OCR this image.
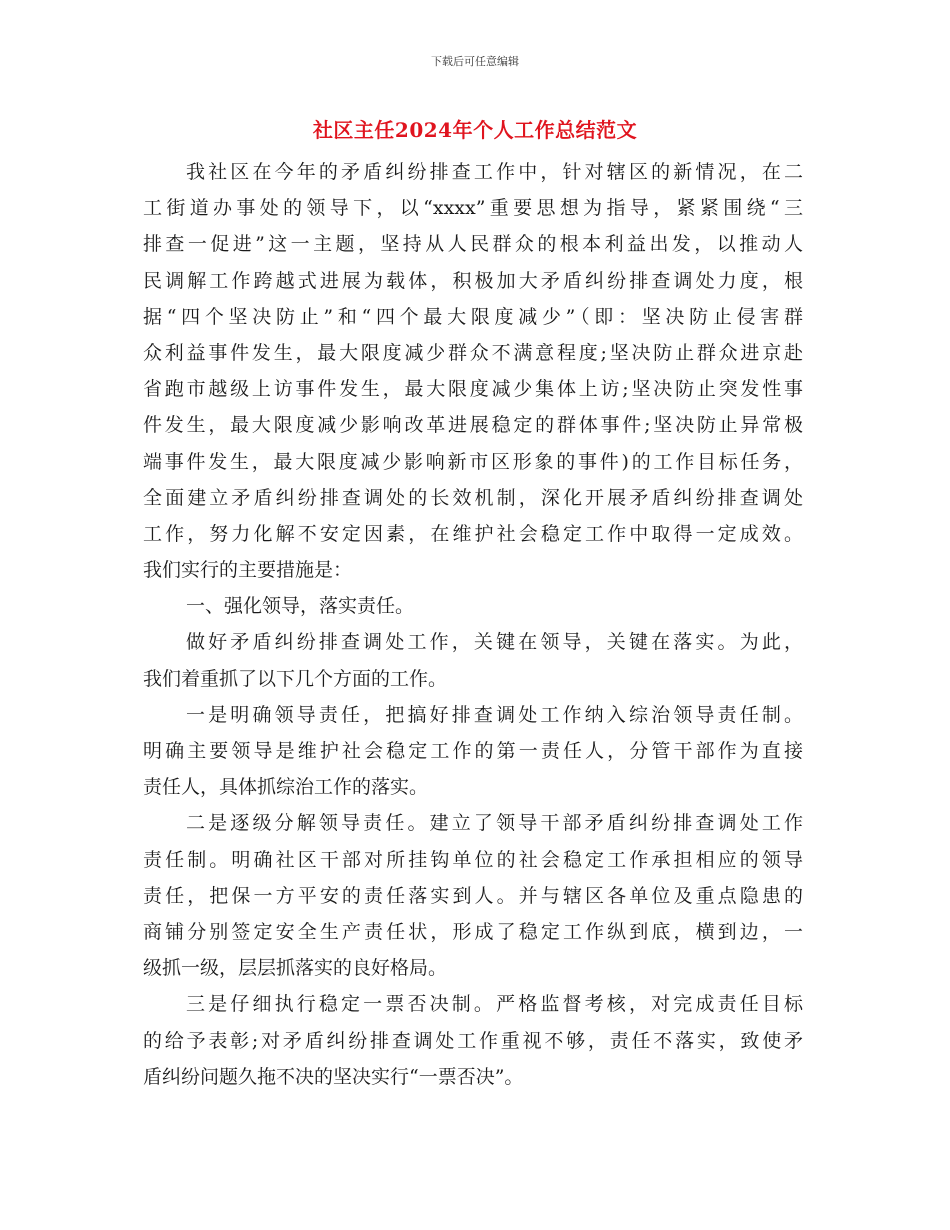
下载后可任意编辑
社区主任2024年个人工作总结范文
我社区在今年的矛盾纠纷排查工作中，针对辖区的新情况，在二
工街道办事处的领导下，以“xxxx”重要思想为指导，紧紧围绕“三
排查一促进”这一主题，坚持从人民群众的根本利益出发，以推动人
民调解工作跨越式进展为载体，积极加大矛盾纠纷排查调处力度，根
据“四个坚决防止”和“四个最大限度减少”（即：坚决防止侵害群
众利益事件发生，最大限度减少群众不满意程度;坚决防止群众进京赴
省跑市越级上访事件发生，最大限度减少集体上访;坚决防止突发性事
件发生，最大限度减少影响改革进展稳定的群体事件;坚决防止异常极
端事件发生，最大限度减少影响新市区形象的事件)的工作目标任务，
全面建立矛盾纠纷排查调处的长效机制，深化开展矛盾纠纷排查调处
工作，努力化解不安定因素，在维护社会稳定工作中取得一定成效。
我们实行的主要措施是：
一、强化领导，落实责任。
做好矛盾纠纷排查调处工作，关键在领导，关键在落实。为此，
我们着重抓了以下几个方面的工作。
一是明确领导责任，把搞好排查调处工作纳入综治领导责任制。
明确主要领导是维护社会稳定工作的第一责任人，分管干部作为直接
责任人，具体抓综治工作的落实。
二是逐级分解领导责任。建立了领导干部矛盾纠纷排查调处工作
责任制。明确社区干部对所挂钩单位的社会稳定工作承担相应的领导
责任，把保一方平安的责任落实到人。并与辖区各单位及重点隐患的
商铺分别签定安全生产责任状，形成了稳定工作纵到底，横到边，一
级抓一级，层层抓落实的良好格局。
三是仔细执行稳定一票否决制。严格监督考核，对完成责任目标
的给予表彰;对矛盾纠纷排查调处工作重视不够，责任不落实，致使矛
盾纠纷问题久拖不决的坚决实行“一票否决”。
